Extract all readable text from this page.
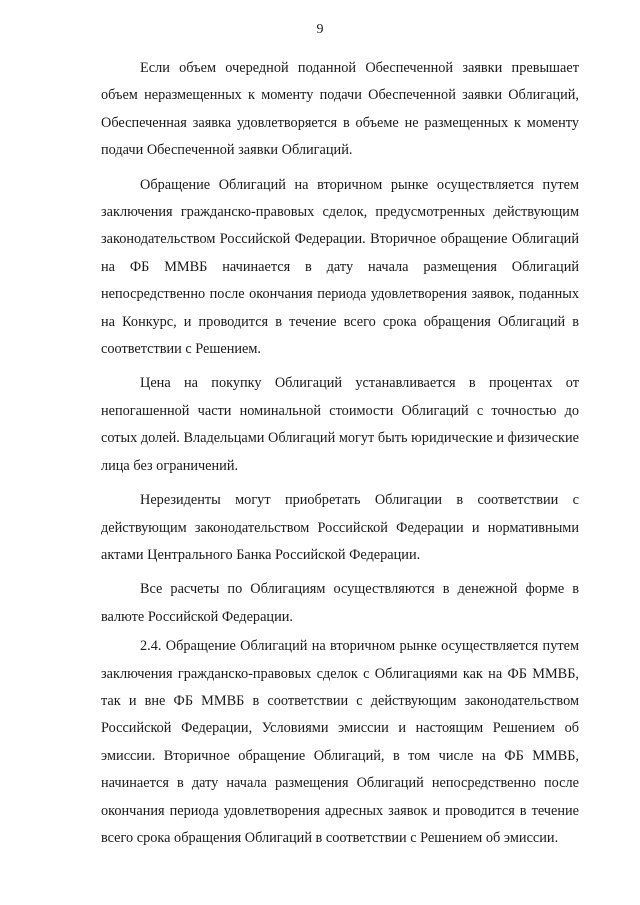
9

Если объем очередной поданной Обеспеченной заявки превышает объем неразмещенных к моменту подачи Обеспеченной заявки Облигаций, Обеспеченная заявка удовлетворяется в объеме не размещенных к моменту подачи Обеспеченной заявки Облигаций.

Обращение Облигаций на вторичном рынке осуществляется путем заключения гражданско-правовых сделок, предусмотренных действующим законодательством Российской Федерации. Вторичное обращение Облигаций на ФБ ММВБ начинается в дату начала размещения Облигаций непосредственно после окончания периода удовлетворения заявок, поданных на Конкурс, и проводится в течение всего срока обращения Облигаций в соответствии с Решением.

Цена на покупку Облигаций устанавливается в процентах от непогашенной части номинальной стоимости Облигаций с точностью до сотых долей. Владельцами Облигаций могут быть юридические и физические лица без ограничений.

Нерезиденты могут приобретать Облигации в соответствии с действующим законодательством Российской Федерации и нормативными актами Центрального Банка Российской Федерации.

Все расчеты по Облигациям осуществляются в денежной форме в валюте Российской Федерации.

2.4. Обращение Облигаций на вторичном рынке осуществляется путем заключения гражданско-правовых сделок с Облигациями как на ФБ ММВБ, так и вне ФБ ММВБ в соответствии с действующим законодательством Российской Федерации, Условиями эмиссии и настоящим Решением об эмиссии. Вторичное обращение Облигаций, в том числе на ФБ ММВБ, начинается в дату начала размещения Облигаций непосредственно после окончания периода удовлетворения адресных заявок и проводится в течение всего срока обращения Облигаций в соответствии с Решением об эмиссии.
